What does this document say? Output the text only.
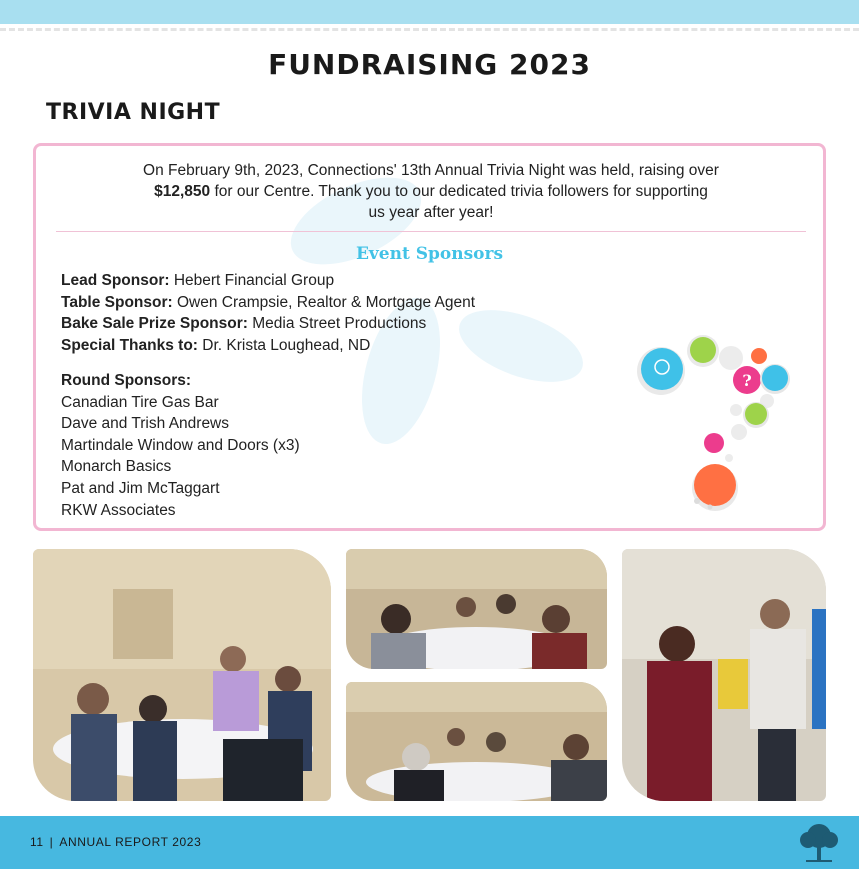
FUNDRAISING 2023
TRIVIA NIGHT

On February 9th, 2023, Connections' 13th Annual Trivia Night was held, raising over
$12,850 for our Centre. Thank you to our dedicated trivia followers for supporting
us year after year!

Event Sponsors
Lead Sponsor: Hebert Financial Group
Table Sponsor: Owen Crampsie, Realtor & Mortgage Agent
Bake Sale Prize Sponsor: Media Street Productions
Special Thanks to: Dr. Krista Loughead, ND
Round Sponsors:
Canadian Tire Gas Bar
Dave and Trish Andrews
Martindale Window and Doors (x3)
Monarch Basics
Pat and Jim McTaggart
RKW Associates
?
11 | ANNUAL REPORT 2023
